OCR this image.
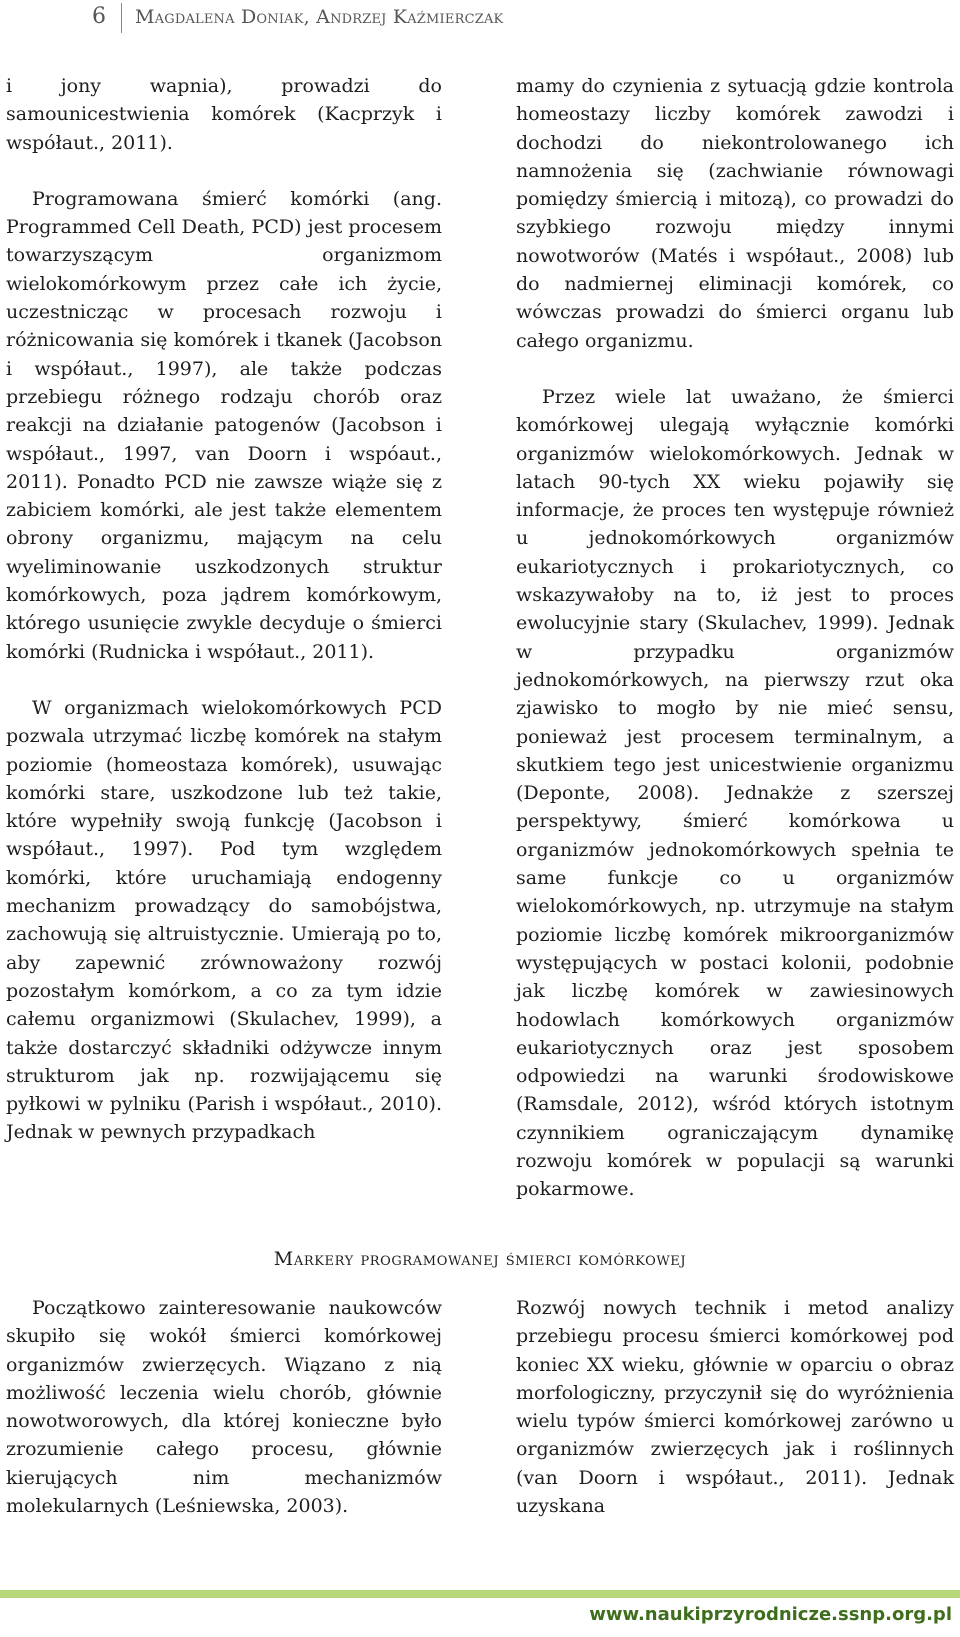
6 Magdalena Doniak, Andrzej Kaźmierczak

i jony wapnia), prowadzi do samounicestwienia komórek (Kacprzyk i współaut., 2011).

Programowana śmierć komórki (ang. Programmed Cell Death, PCD) jest procesem towarzyszącym organizmom wielokomórkowym przez całe ich życie, uczestnicząc w procesach rozwoju i różnicowania się komórek i tkanek (Jacobson i współaut., 1997), ale także podczas przebiegu różnego rodzaju chorób oraz reakcji na działanie patogenów (Jacobson i współaut., 1997, van Doorn i wspóaut., 2011). Ponadto PCD nie zawsze wiąże się z zabiciem komórki, ale jest także elementem obrony organizmu, mającym na celu wyeliminowanie uszkodzonych struktur komórkowych, poza jądrem komórkowym, którego usunięcie zwykle decyduje o śmierci komórki (Rudnicka i współaut., 2011).

W organizmach wielokomórkowych PCD pozwala utrzymać liczbę komórek na stałym poziomie (homeostaza komórek), usuwając komórki stare, uszkodzone lub też takie, które wypełniły swoją funkcję (Jacobson i współaut., 1997). Pod tym względem komórki, które uruchamiają endogenny mechanizm prowadzący do samobójstwa, zachowują się altruistycznie. Umierają po to, aby zapewnić zrównoważony rozwój pozostałym komórkom, a co za tym idzie całemu organizmowi (Skulachev, 1999), a także dostarczyć składniki odżywcze innym strukturom jak np. rozwijającemu się pyłkowi w pylniku (Parish i współaut., 2010). Jednak w pewnych przypadkach

mamy do czynienia z sytuacją gdzie kontrola homeostazy liczby komórek zawodzi i dochodzi do niekontrolowanego ich namnożenia się (zachwianie równowagi pomiędzy śmiercią i mitozą), co prowadzi do szybkiego rozwoju między innymi nowotworów (Matés i współaut., 2008) lub do nadmiernej eliminacji komórek, co wówczas prowadzi do śmierci organu lub całego organizmu.

Przez wiele lat uważano, że śmierci komórkowej ulegają wyłącznie komórki organizmów wielokomórkowych. Jednak w latach 90-tych XX wieku pojawiły się informacje, że proces ten występuje również u jednokomórkowych organizmów eukariotycznych i prokariotycznych, co wskazywałoby na to, iż jest to proces ewolucyjnie stary (Skulachev, 1999). Jednak w przypadku organizmów jednokomórkowych, na pierwszy rzut oka zjawisko to mogło by nie mieć sensu, ponieważ jest procesem terminalnym, a skutkiem tego jest unicestwienie organizmu (Deponte, 2008). Jednakże z szerszej perspektywy, śmierć komórkowa u organizmów jednokomórkowych spełnia te same funkcje co u organizmów wielokomórkowych, np. utrzymuje na stałym poziomie liczbę komórek mikroorganizmów występujących w postaci kolonii, podobnie jak liczbę komórek w zawiesinowych hodowlach komórkowych organizmów eukariotycznych oraz jest sposobem odpowiedzi na warunki środowiskowe (Ramsdale, 2012), wśród których istotnym czynnikiem ograniczającym dynamikę rozwoju komórek w populacji są warunki pokarmowe.

Markery programowanej śmierci komórkowej

Początkowo zainteresowanie naukowców skupiło się wokół śmierci komórkowej organizmów zwierzęcych. Wiązano z nią możliwość leczenia wielu chorób, głównie nowotworowych, dla której konieczne było zrozumienie całego procesu, głównie kierujących nim mechanizmów molekularnych (Leśniewska, 2003).

Rozwój nowych technik i metod analizy przebiegu procesu śmierci komórkowej pod koniec XX wieku, głównie w oparciu o obraz morfologiczny, przyczynił się do wyróżnienia wielu typów śmierci komórkowej zarówno u organizmów zwierzęcych jak i roślinnych (van Doorn i współaut., 2011). Jednak uzyskana

www.naukiprzyrodnicze.ssnp.org.pl
